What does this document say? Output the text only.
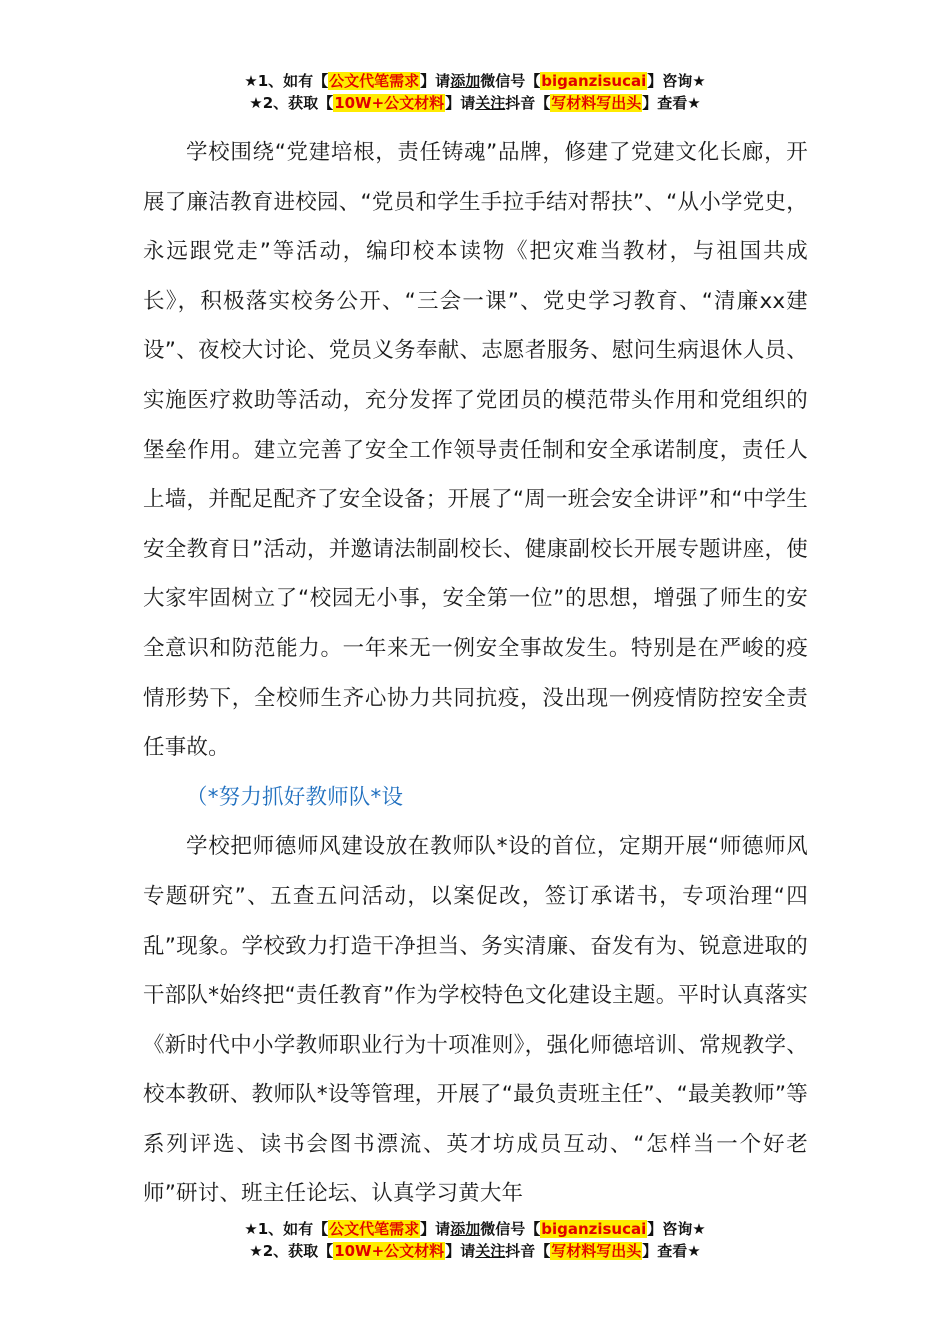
★1、如有【公文代笔需求】请添加微信号【biganzisucai】咨询★
★2、获取【10W+公文材料】请关注抖音【写材料写出头】查看★

学校围绕“党建培根，责任铸魂”品牌，修建了党建文化长廊，开展了廉洁教育进校园、“党员和学生手拉手结对帮扶”、“从小学党史，永远跟党走”等活动，编印校本读物《把灾难当教材，与祖国共成长》，积极落实校务公开、“三会一课”、党史学习教育、“清廉xx建设”、夜校大讨论、党员义务奉献、志愿者服务、慰问生病退休人员、实施医疗救助等活动，充分发挥了党团员的模范带头作用和党组织的堡垒作用。建立完善了安全工作领导责任制和安全承诺制度，责任人上墙，并配足配齐了安全设备；开展了“周一班会安全讲评”和“中学生安全教育日”活动，并邀请法制副校长、健康副校长开展专题讲座，使大家牢固树立了“校园无小事，安全第一位”的思想，增强了师生的安全意识和防范能力。一年来无一例安全事故发生。特别是在严峻的疫情形势下，全校师生齐心协力共同抗疫，没出现一例疫情防控安全责任事故。

（*努力抓好教师队*设

学校把师德师风建设放在教师队*设的首位，定期开展“师德师风专题研究”、五查五问活动，以案促改，签订承诺书，专项治理“四乱”现象。学校致力打造干净担当、务实清廉、奋发有为、锐意进取的干部队*始终把“责任教育”作为学校特色文化建设主题。平时认真落实《新时代中小学教师职业行为十项准则》，强化师德培训、常规教学、校本教研、教师队*设等管理，开展了“最负责班主任”、“最美教师”等系列评选、读书会图书漂流、英才坊成员互动、“怎样当一个好老师”研讨、班主任论坛、认真学习黄大年

★1、如有【公文代笔需求】请添加微信号【biganzisucai】咨询★
★2、获取【10W+公文材料】请关注抖音【写材料写出头】查看★
